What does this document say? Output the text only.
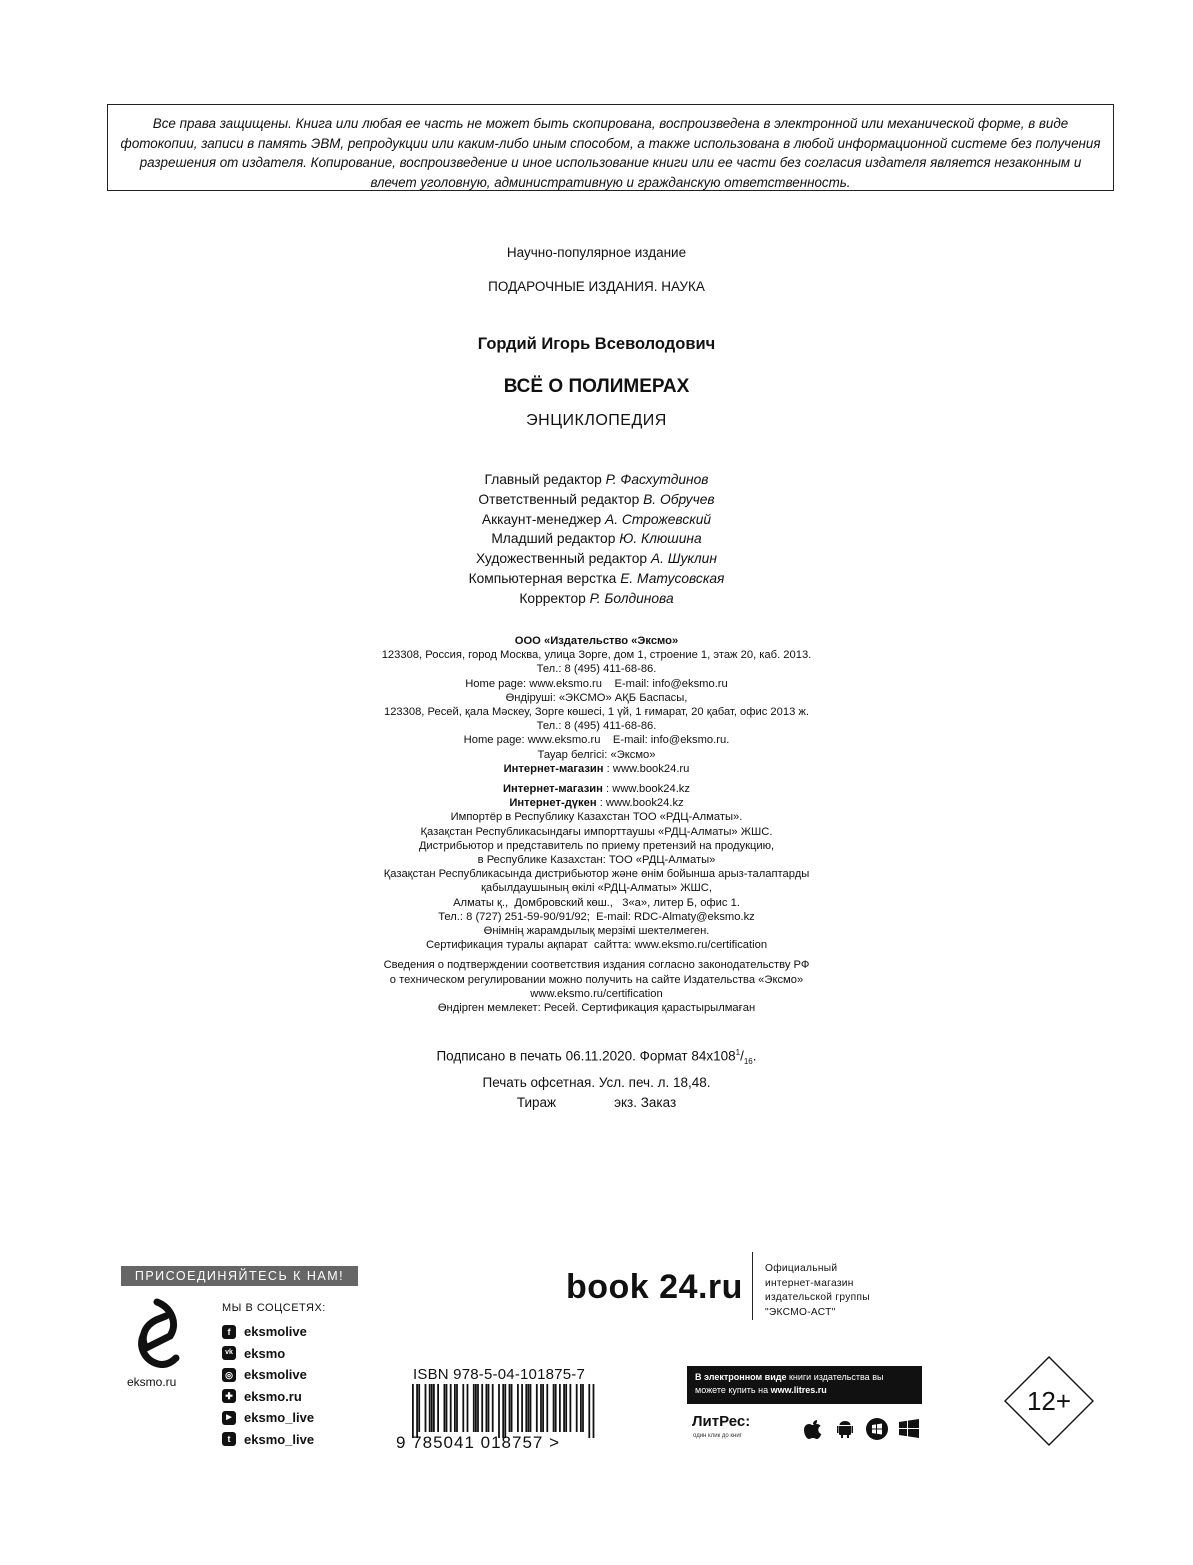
Все права защищены. Книга или любая ее часть не может быть скопирована, воспроизведена в электронной или механической форме, в виде фотокопии, записи в память ЭВМ, репродукции или каким-либо иным способом, а также использована в любой информационной системе без получения разрешения от издателя. Копирование, воспроизведение и иное использование книги или ее части без согласия издателя является незаконным и влечет уголовную, административную и гражданскую ответственность.
Научно-популярное издание
ПОДАРОЧНЫЕ ИЗДАНИЯ. НАУКА
Гордий Игорь Всеволодович
ВСЁ О ПОЛИМЕРАХ
ЭНЦИКЛОПЕДИЯ
Главный редактор Р. Фасхутдинов
Ответственный редактор В. Обручев
Аккаунт-менеджер А. Строжевский
Младший редактор Ю. Клюшина
Художественный редактор А. Шуклин
Компьютерная верстка Е. Матусовская
Корректор Р. Болдинова
ООО «Издательство «Эксмо»
123308, Россия, город Москва, улица Зорге, дом 1, строение 1, этаж 20, каб. 2013.
Тел.: 8 (495) 411-68-86.
Home page: www.eksmo.ru    E-mail: info@eksmo.ru
Өндіруші: «ЭКСМО» АҚБ Баспасы,
123308, Ресей, қала Мәскеу, Зорге көшесі, 1 үй, 1 ғимарат, 20 қабат, офис 2013 ж.
Тел.: 8 (495) 411-68-86.
Home page: www.eksmo.ru    E-mail: info@eksmo.ru.
Тауар белгісі: «Эксмо»
Интернет-магазин : www.book24.ru
Интернет-магазин : www.book24.kz
Интернет-дүкен : www.book24.kz
Импортёр в Республику Казахстан ТОО «РДЦ-Алматы».
Қазақстан Республикасындағы импорттаушы «РДЦ-Алматы» ЖШС.
Дистрибьютор и представитель по приему претензий на продукцию,
в Республике Казахстан: ТОО «РДЦ-Алматы»
Қазақстан Республикасында дистрибьютор және өнім бойынша арыз-талаптарды
қабылдаушының өкілі «РДЦ-Алматы» ЖШС,
Алматы қ.,  Домбровский көш.,   3«а», литер Б, офис 1.
Тел.: 8 (727) 251-59-90/91/92;  E-mail: RDC-Almaty@eksmo.kz
Өнімнің жарамдылық мерзімі шектелмеген.
Сертификация туралы ақпарат  сайтта: www.eksmo.ru/certification
Сведения о подтверждении соответствия издания согласно законодательству РФ
о техническом регулировании можно получить на сайте Издательства «Эксмо»
www.eksmo.ru/certification
Өндірген мемлекет: Ресей. Сертификация қарастырылмаған
Подписано в печать 06.11.2020. Формат $84x108^1/_{16}$.
Печать офсетная. Усл. печ. л. 18,48.
Тираж	экз. Заказ
ПРИСОЕДИНЯЙТЕСЬ К НАМ!
eksmo.ru
МЫ В СОЦСЕТЯХ:
f	eksmolive
vk eksmo
◎ eksmolive
✚ eksmo.ru
▶ eksmo_live
t	eksmo_live
book 24.ru Официальный
интернет-магазин
издательской группы
"ЭКСМО-АСТ"
ISBN 978-5-04-101875-7
9 785041 018757 >
В электронном виде книги издательства вы можете купить на www.litres.ru
ЛитРес:
один клик до книг
12+
